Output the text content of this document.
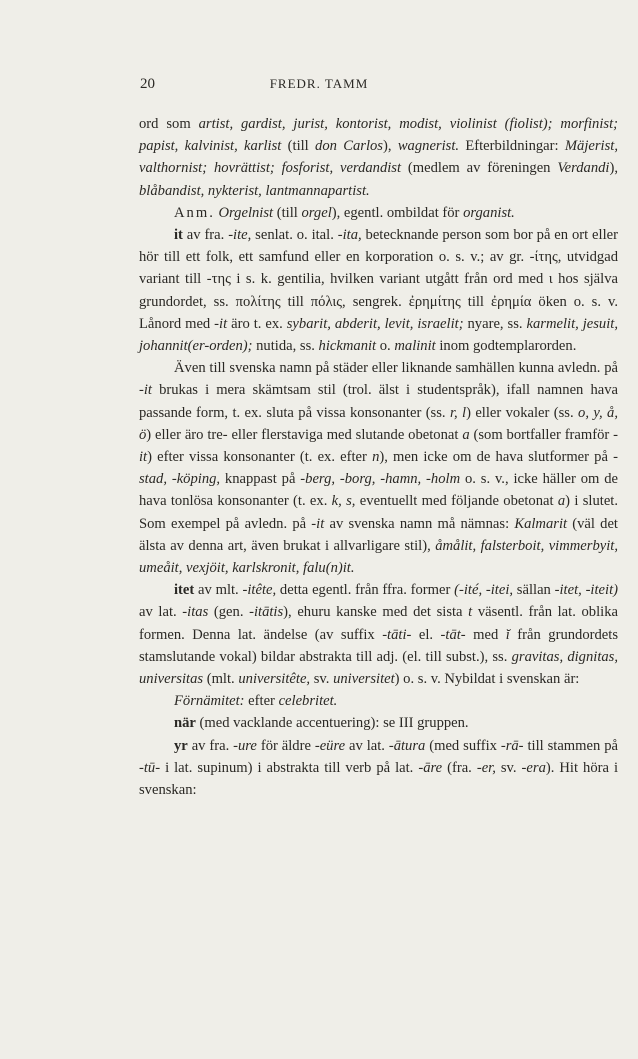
20	FREDR. TAMM

ord som artist, gardist, jurist, kontorist, modist, violinist (fiolist); morfinist; papist, kalvinist, karlist (till don Carlos), wagnerist. Efterbildningar: Mäjerist, valthornist; hovrättist; fosforist, verdandist (medlem av föreningen Verdandi), blåbandist, nykterist, lantmannapartist.

Anm. Orgelnist (till orgel), egentl. ombildat för organist.

it av fra. -ite, senlat. o. ital. -ita, betecknande person som bor på en ort eller hör till ett folk, ett samfund eller en korporation o. s. v.; av gr. -ίτης, utvidgad variant till -της i s. k. gentilia, hvilken variant utgått från ord med ι hos själva grundordet, ss. πολίτης till πόλις, sengrek. ἐρημίτης till ἐρημία öken o. s. v. Lånord med -it äro t. ex. sybarit, abderit, levit, israelit; nyare, ss. karmelit, jesuit, johannit(er-orden); nutida, ss. hickmanit o. malinit inom godtemplarorden.

Även till svenska namn på städer eller liknande samhällen kunna avledn. på -it brukas i mera skämtsam stil (trol. älst i studentspråk), ifall namnen hava passande form, t. ex. sluta på vissa konsonanter (ss. r, l) eller vokaler (ss. o, y, å, ö) eller äro tre- eller flerstaviga med slutande obetonat a (som bortfaller framför -it) efter vissa konsonanter (t. ex. efter n), men icke om de hava slutformer på -stad, -köping, knappast på -berg, -borg, -hamn, -holm o. s. v., icke häller om de hava tonlösa konsonanter (t. ex. k, s, eventuellt med följande obetonat a) i slutet. Som exempel på avledn. på -it av svenska namn må nämnas: Kalmarit (väl det älsta av denna art, även brukat i allvarligare stil), åmålit, falsterboit, vimmerbyit, umeåit, vexjöit, karlskronit, falu(n)it.

itet av mlt. -itête, detta egentl. från ffra. former (-ité, -itei, sällan -itet, -iteit) av lat. -itas (gen. -itātis), ehuru kanske med det sista t väsentl. från lat. oblika formen. Denna lat. ändelse (av suffix -tāti- el. -tāt- med ĭ från grundordets stamslutande vokal) bildar abstrakta till adj. (el. till subst.), ss. gravitas, dignitas, universitas (mlt. universitête, sv. universitet) o. s. v. Nybildat i svenskan är:

Förnämitet: efter celebritet.

när (med vacklande accentuering): se III gruppen.

yr av fra. -ure för äldre -eüre av lat. -ātura (med suffix -rā- till stammen på -tū- i lat. supinum) i abstrakta till verb på lat. -āre (fra. -er, sv. -era). Hit höra i svenskan:
